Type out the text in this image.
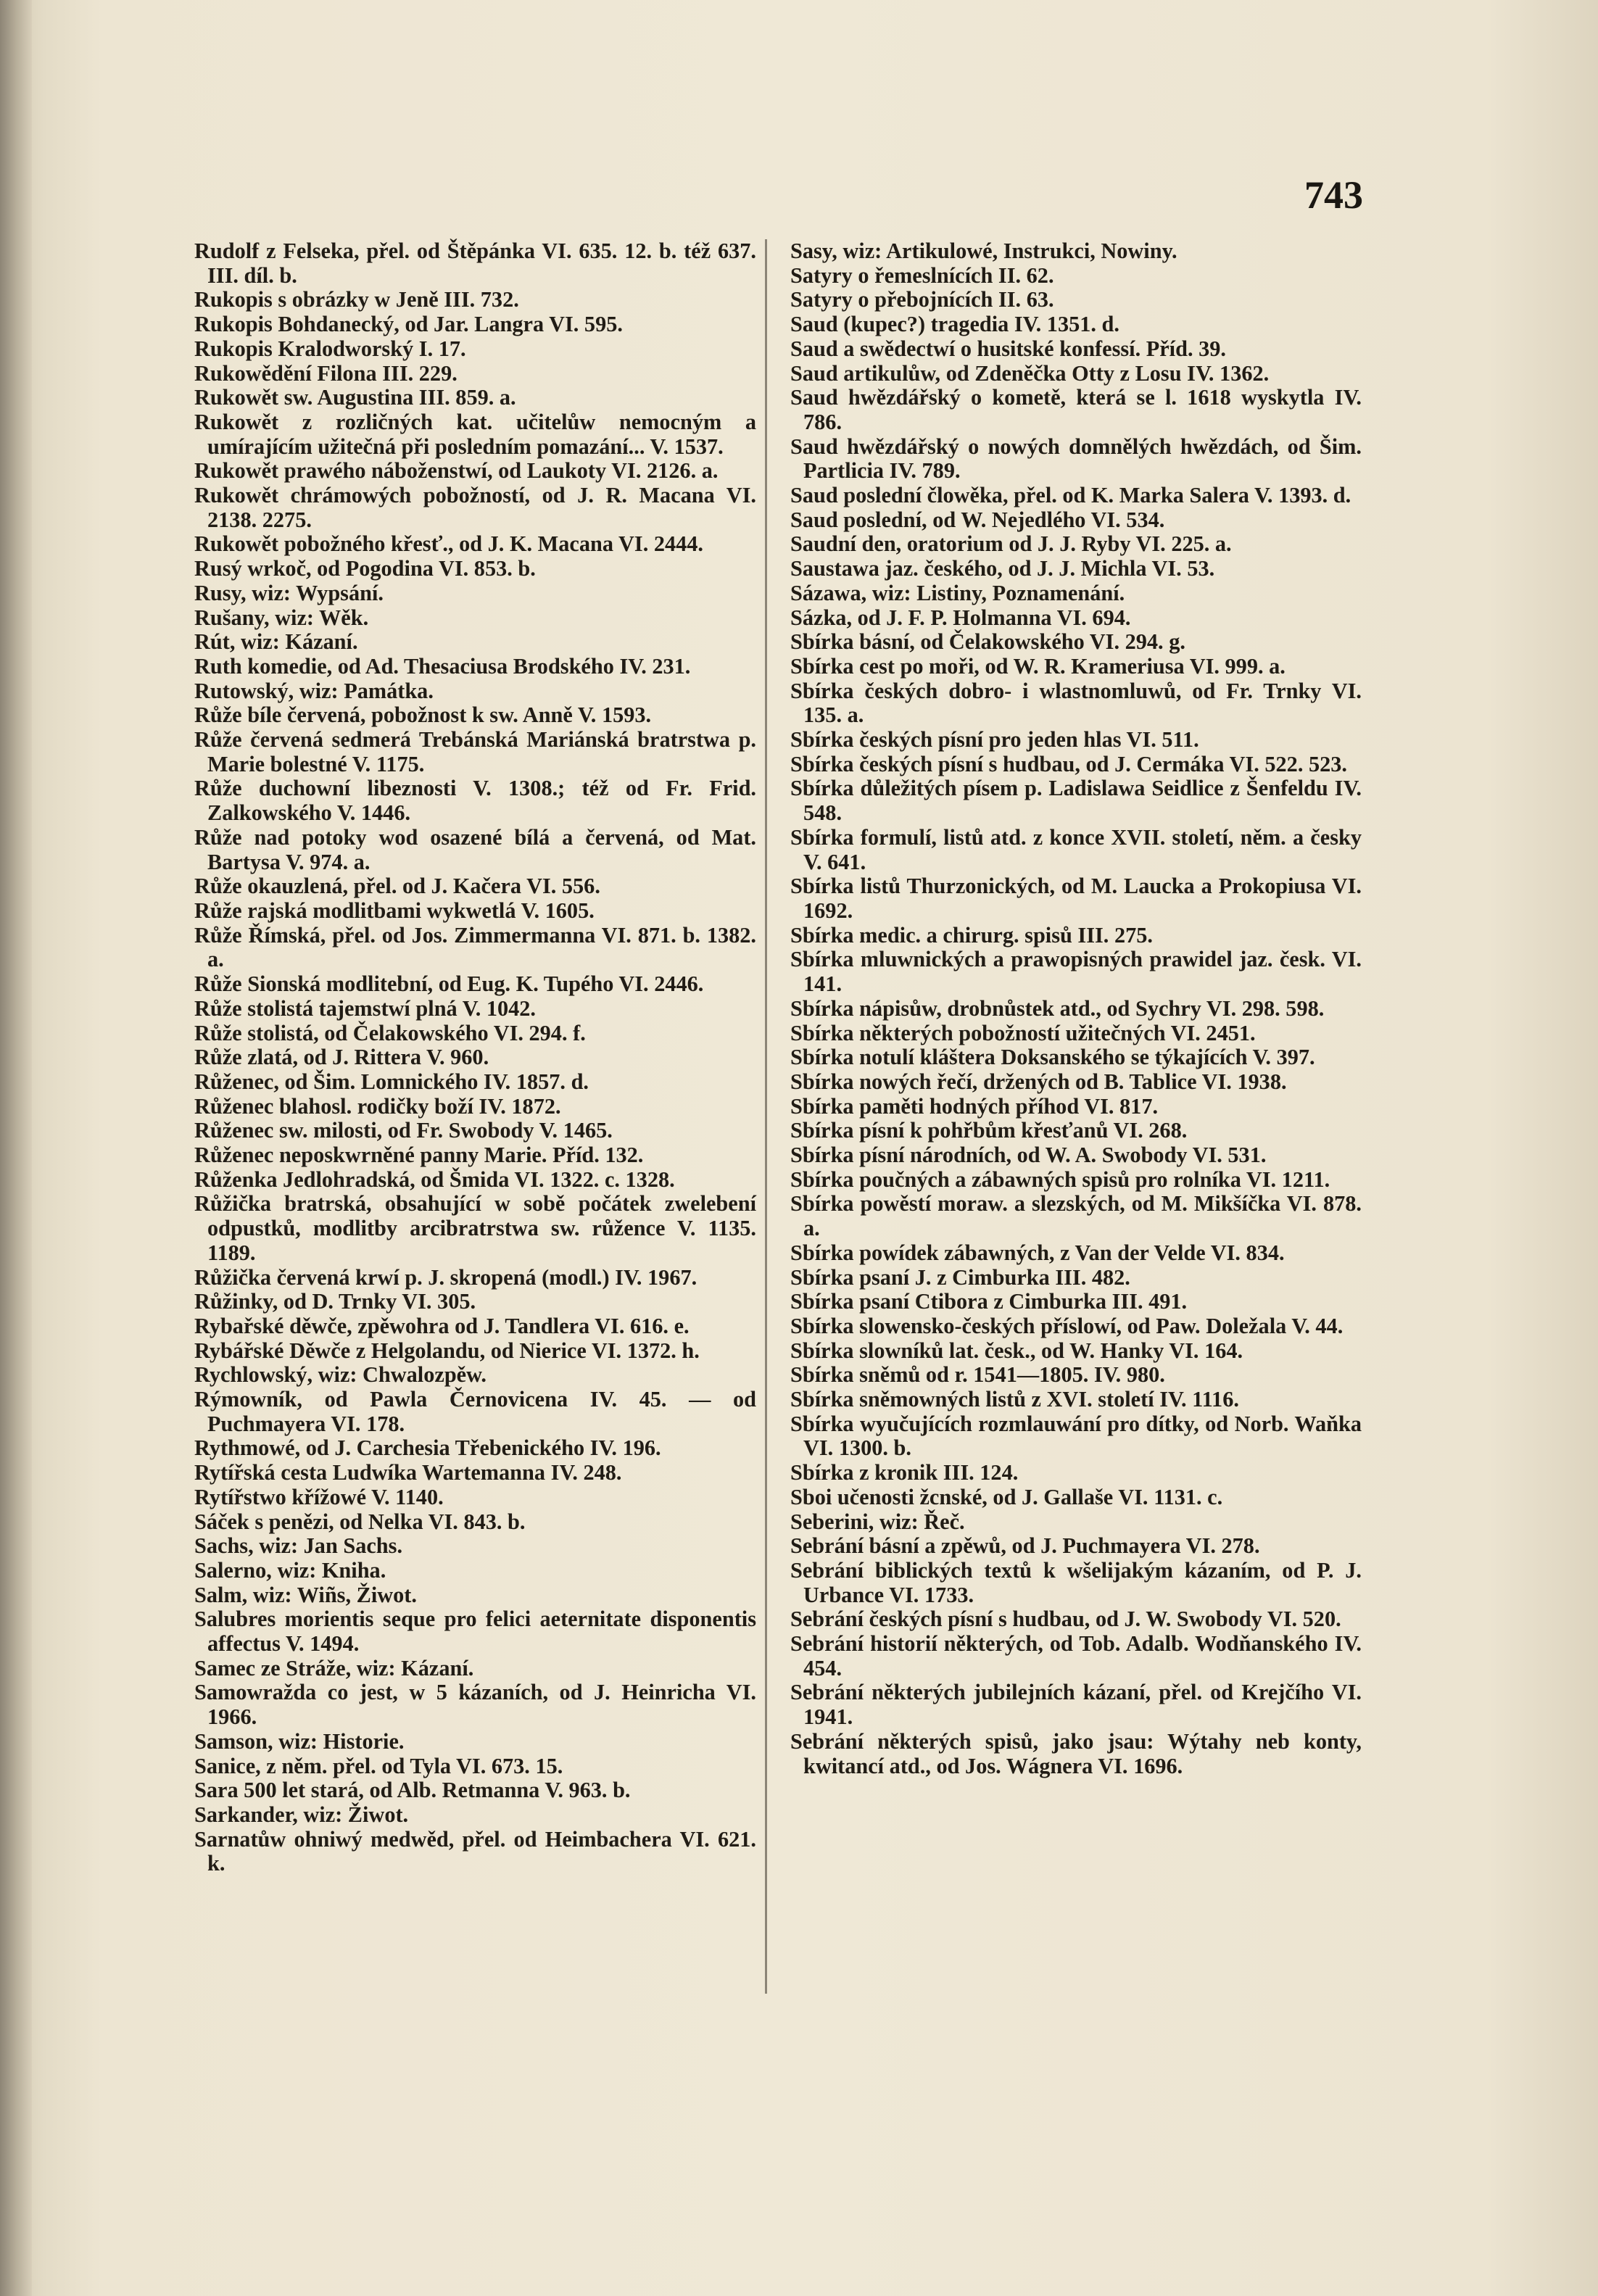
743
Rudolf z Felseka, přel. od Štěpánka VI. 635. 12. b. též 637. III. díl. b.
Rukopis s obrázky w Jeně III. 732.
Rukopis Bohdanecký, od Jar. Langra VI. 595.
Rukopis Kralodworský I. 17.
Rukowědění Filona III. 229.
Rukowět sw. Augustina III. 859. a.
Rukowět z rozličných kat. učitelůw nemocným a umírajícím užitečná při posledním pomazání... V. 1537.
Rukowět prawého náboženstwí, od Laukoty VI. 2126. a.
Rukowět chrámowých pobožností, od J. R. Macana VI. 2138. 2275.
Rukowět pobožného křesť., od J. K. Macana VI. 2444.
Rusý wrkoč, od Pogodina VI. 853. b.
Rusy, wiz: Wypsání.
Rušany, wiz: Wěk.
Rút, wiz: Kázaní.
Ruth komedie, od Ad. Thesaciusa Brodského IV. 231.
Rutowský, wiz: Památka.
Růže bíle červená, pobožnost k sw. Anně V. 1593.
Růže červená sedmerá Trebánská Mariánská bratrstwa p. Marie bolestné V. 1175.
Růže duchowní libeznosti V. 1308.; též od Fr. Frid. Zalkowského V. 1446.
Růže nad potoky wod osazené bílá a červená, od Mat. Bartysa V. 974. a.
Růže okauzlená, přel. od J. Kačera VI. 556.
Růže rajská modlitbami wykwetlá V. 1605.
Růže Římská, přel. od Jos. Zimmermanna VI. 871. b. 1382. a.
Růže Sionská modlitební, od Eug. K. Tupého VI. 2446.
Růže stolistá tajemstwí plná V. 1042.
Růže stolistá, od Čelakowského VI. 294. f.
Růže zlatá, od J. Rittera V. 960.
Růženec, od Šim. Lomnického IV. 1857. d.
Růženec blahosl. rodičky boží IV. 1872.
Růženec sw. milosti, od Fr. Swobody V. 1465.
Růženec neposkwrněné panny Marie. Příd. 132.
Růženka Jedlohradská, od Šmida VI. 1322. c. 1328.
Růžička bratrská, obsahující w sobě počátek zwelebení odpustků, modlitby arcibratrstwa sw. růžence V. 1135. 1189.
Růžička červená krwí p. J. skropená (modl.) IV. 1967.
Růžinky, od D. Trnky VI. 305.
Rybařské děwče, zpěwohra od J. Tandlera VI. 616. e.
Rybářské Děwče z Helgolandu, od Nierice VI. 1372. h.
Rychlowský, wiz: Chwalozpěw.
Rýmowník, od Pawla Černovicena IV. 45. — od Puchmayera VI. 178.
Rythmowé, od J. Carchesia Třebenického IV. 196.
Rytířská cesta Ludwíka Wartemanna IV. 248.
Rytířstwo křížowé V. 1140.
Sáček s penězi, od Nelka VI. 843. b.
Sachs, wiz: Jan Sachs.
Salerno, wiz: Kniha.
Salm, wiz: Wiñs, Žiwot.
Salubres morientis seque pro felici aeternitate disponentis affectus V. 1494.
Samec ze Stráže, wiz: Kázaní.
Samowražda co jest, w 5 kázaních, od J. Heinricha VI. 1966.
Samson, wiz: Historie.
Sanice, z něm. přel. od Tyla VI. 673. 15.
Sara 500 let stará, od Alb. Retmanna V. 963. b.
Sarkander, wiz: Žiwot.
Sarnatůw ohniwý medwěd, přel. od Heimbachera VI. 621. k.
Sasy, wiz: Artikulowé, Instrukci, Nowiny.
Satyry o řemeslnících II. 62.
Satyry o přebojnících II. 63.
Saud (kupec?) tragedia IV. 1351. d.
Saud a swědectwí o husitské konfessí. Příd. 39.
Saud artikulůw, od Zdeněčka Otty z Losu IV. 1362.
Saud hwězdářský o kometě, která se l. 1618 wyskytla IV. 786.
Saud hwězdářský o nowých domnělých hwězdách, od Šim. Partlicia IV. 789.
Saud poslední člowěka, přel. od K. Marka Salera V. 1393. d.
Saud poslední, od W. Nejedlého VI. 534.
Saudní den, oratorium od J. J. Ryby VI. 225. a.
Saustawa jaz. českého, od J. J. Michla VI. 53.
Sázawa, wiz: Listiny, Poznamenání.
Sázka, od J. F. P. Holmanna VI. 694.
Sbírka básní, od Čelakowského VI. 294. g.
Sbírka cest po moři, od W. R. Krameriusa VI. 999. a.
Sbírka českých dobro- i wlastnomluwů, od Fr. Trnky VI. 135. a.
Sbírka českých písní pro jeden hlas VI. 511.
Sbírka českých písní s hudbau, od J. Cermáka VI. 522. 523.
Sbírka důležitých písem p. Ladislawa Seidlice z Šenfeldu IV. 548.
Sbírka formulí, listů atd. z konce XVII. století, něm. a česky V. 641.
Sbírka listů Thurzonických, od M. Laucka a Prokopiusa VI. 1692.
Sbírka medic. a chirurg. spisů III. 275.
Sbírka mluwnických a prawopisných prawidel jaz. česk. VI. 141.
Sbírka nápisůw, drobnůstek atd., od Sychry VI. 298. 598.
Sbírka některých pobožností užitečných VI. 2451.
Sbírka notulí kláštera Doksanského se týkajících V. 397.
Sbírka nowých řečí, držených od B. Tablice VI. 1938.
Sbírka paměti hodných příhod VI. 817.
Sbírka písní k pohřbům křesťanů VI. 268.
Sbírka písní národních, od W. A. Swobody VI. 531.
Sbírka poučných a zábawných spisů pro rolníka VI. 1211.
Sbírka powěstí moraw. a slezských, od M. Mikšíčka VI. 878. a.
Sbírka powídek zábawných, z Van der Velde VI. 834.
Sbírka psaní J. z Cimburka III. 482.
Sbírka psaní Ctibora z Cimburka III. 491.
Sbírka slowensko-českých příslowí, od Paw. Doležala V. 44.
Sbírka slowníků lat. česk., od W. Hanky VI. 164.
Sbírka sněmů od r. 1541—1805. IV. 980.
Sbírka sněmowných listů z XVI. století IV. 1116.
Sbírka wyučujících rozmlauwání pro dítky, od Norb. Waňka VI. 1300. b.
Sbírka z kronik III. 124.
Sboi učenosti žcnské, od J. Gallaše VI. 1131. c.
Seberini, wiz: Řeč.
Sebrání básní a zpěwů, od J. Puchmayera VI. 278.
Sebrání biblických textů k wšelijakým kázaním, od P. J. Urbance VI. 1733.
Sebrání českých písní s hudbau, od J. W. Swobody VI. 520.
Sebrání historií některých, od Tob. Adalb. Wodňanského IV. 454.
Sebrání některých jubilejních kázaní, přel. od Krejčího VI. 1941.
Sebrání některých spisů, jako jsau: Wýtahy neb konty, kwitancí atd., od Jos. Wágnera VI. 1696.
